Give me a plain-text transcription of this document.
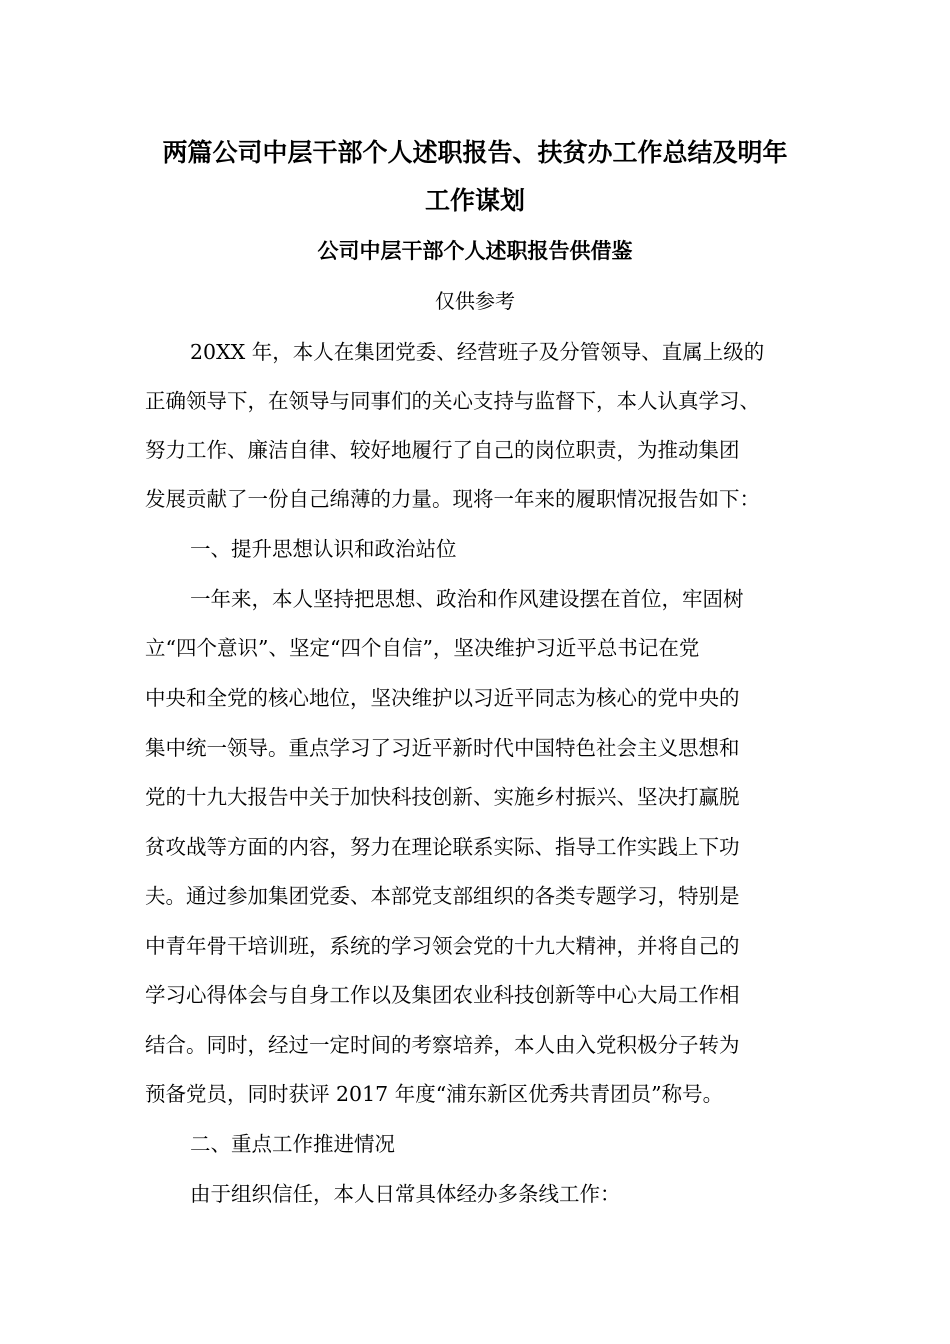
两篇公司中层干部个人述职报告、扶贫办工作总结及明年
工作谋划
公司中层干部个人述职报告供借鉴
仅供参考
20XX 年，本人在集团党委、经营班子及分管领导、直属上级的
正确领导下，在领导与同事们的关心支持与监督下，本人认真学习、
努力工作、廉洁自律、较好地履行了自己的岗位职责，为推动集团
发展贡献了一份自己绵薄的力量。现将一年来的履职情况报告如下：
一、提升思想认识和政治站位
一年来，本人坚持把思想、政治和作风建设摆在首位，牢固树
立“四个意识”、坚定“四个自信”，坚决维护习近平总书记在党
中央和全党的核心地位，坚决维护以习近平同志为核心的党中央的
集中统一领导。重点学习了习近平新时代中国特色社会主义思想和
党的十九大报告中关于加快科技创新、实施乡村振兴、坚决打赢脱
贫攻战等方面的内容，努力在理论联系实际、指导工作实践上下功
夫。通过参加集团党委、本部党支部组织的各类专题学习，特别是
中青年骨干培训班，系统的学习领会党的十九大精神，并将自己的
学习心得体会与自身工作以及集团农业科技创新等中心大局工作相
结合。同时，经过一定时间的考察培养，本人由入党积极分子转为
预备党员，同时获评 2017 年度“浦东新区优秀共青团员”称号。
二、重点工作推进情况
由于组织信任，本人日常具体经办多条线工作：
